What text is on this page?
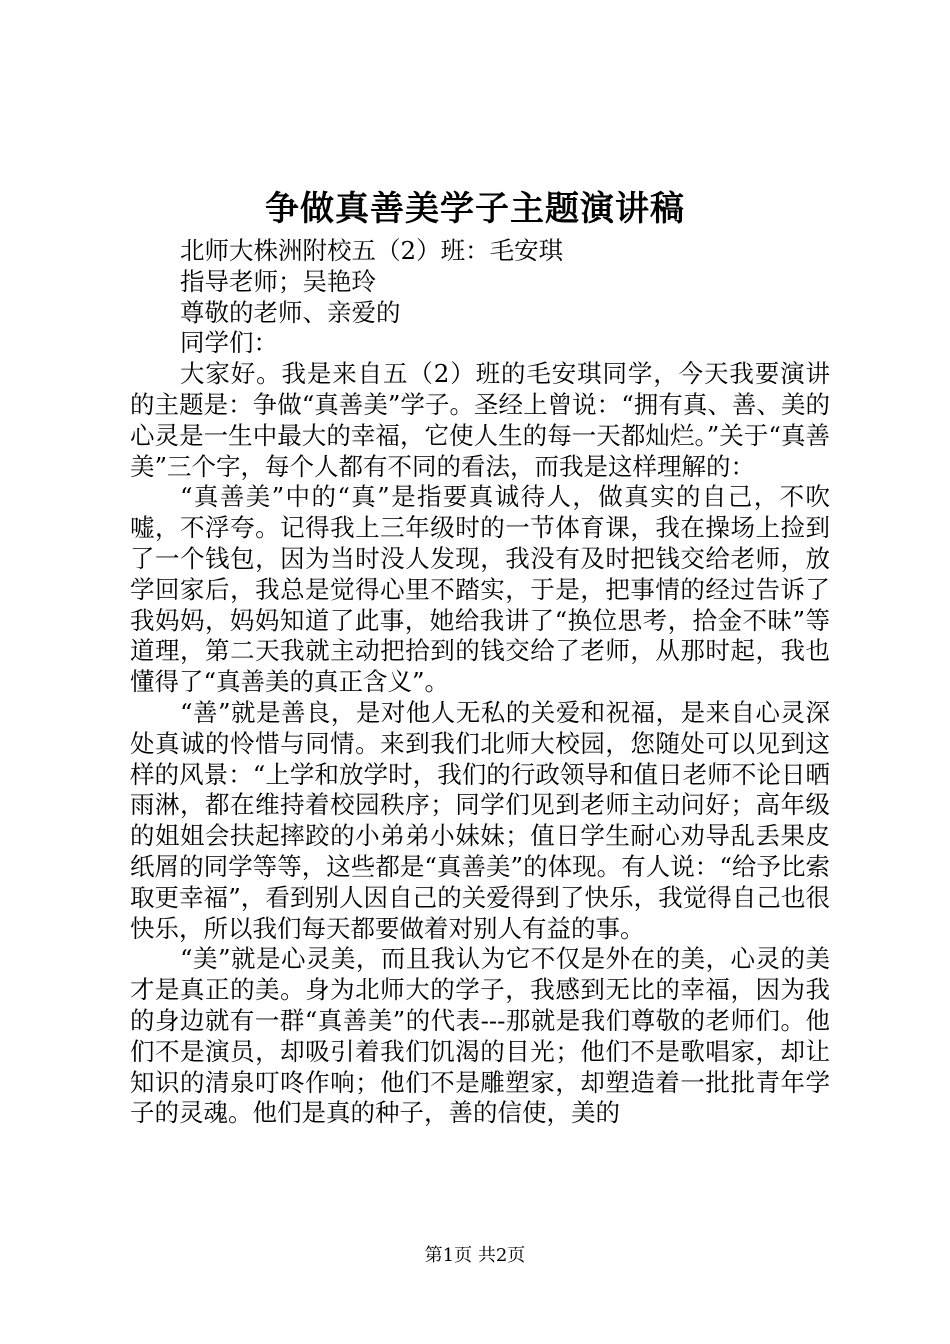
争做真善美学子主题演讲稿

北师大株洲附校五（2）班：毛安琪

指导老师；吴艳玲

尊敬的老师、亲爱的

同学们：

大家好。我是来自五（2）班的毛安琪同学，今天我要演讲的主题是：争做“真善美”学子。圣经上曾说：“拥有真、善、美的心灵是一生中最大的幸福，它使人生的每一天都灿烂。”关于“真善美”三个字，每个人都有不同的看法，而我是这样理解的：

“真善美”中的“真”是指要真诚待人，做真实的自己，不吹嘘，不浮夸。记得我上三年级时的一节体育课，我在操场上捡到了一个钱包，因为当时没人发现，我没有及时把钱交给老师，放学回家后，我总是觉得心里不踏实，于是，把事情的经过告诉了我妈妈，妈妈知道了此事，她给我讲了“换位思考，拾金不昧”等道理，第二天我就主动把拾到的钱交给了老师，从那时起，我也懂得了“真善美的真正含义”。

“善”就是善良，是对他人无私的关爱和祝福，是来自心灵深处真诚的怜惜与同情。来到我们北师大校园，您随处可以见到这样的风景：“上学和放学时，我们的行政领导和值日老师不论日晒雨淋，都在维持着校园秩序；同学们见到老师主动问好；高年级的姐姐会扶起摔跤的小弟弟小妹妹；值日学生耐心劝导乱丢果皮纸屑的同学等等，这些都是“真善美”的体现。有人说：“给予比索取更幸福”，看到别人因自己的关爱得到了快乐，我觉得自己也很快乐，所以我们每天都要做着对别人有益的事。

“美”就是心灵美，而且我认为它不仅是外在的美，心灵的美才是真正的美。身为北师大的学子，我感到无比的幸福，因为我的身边就有一群“真善美”的代表---那就是我们尊敬的老师们。他们不是演员，却吸引着我们饥渴的目光；他们不是歌唱家，却让知识的清泉叮咚作响；他们不是雕塑家，却塑造着一批批青年学子的灵魂。他们是真的种子，善的信使，美的

第1页 共2页
